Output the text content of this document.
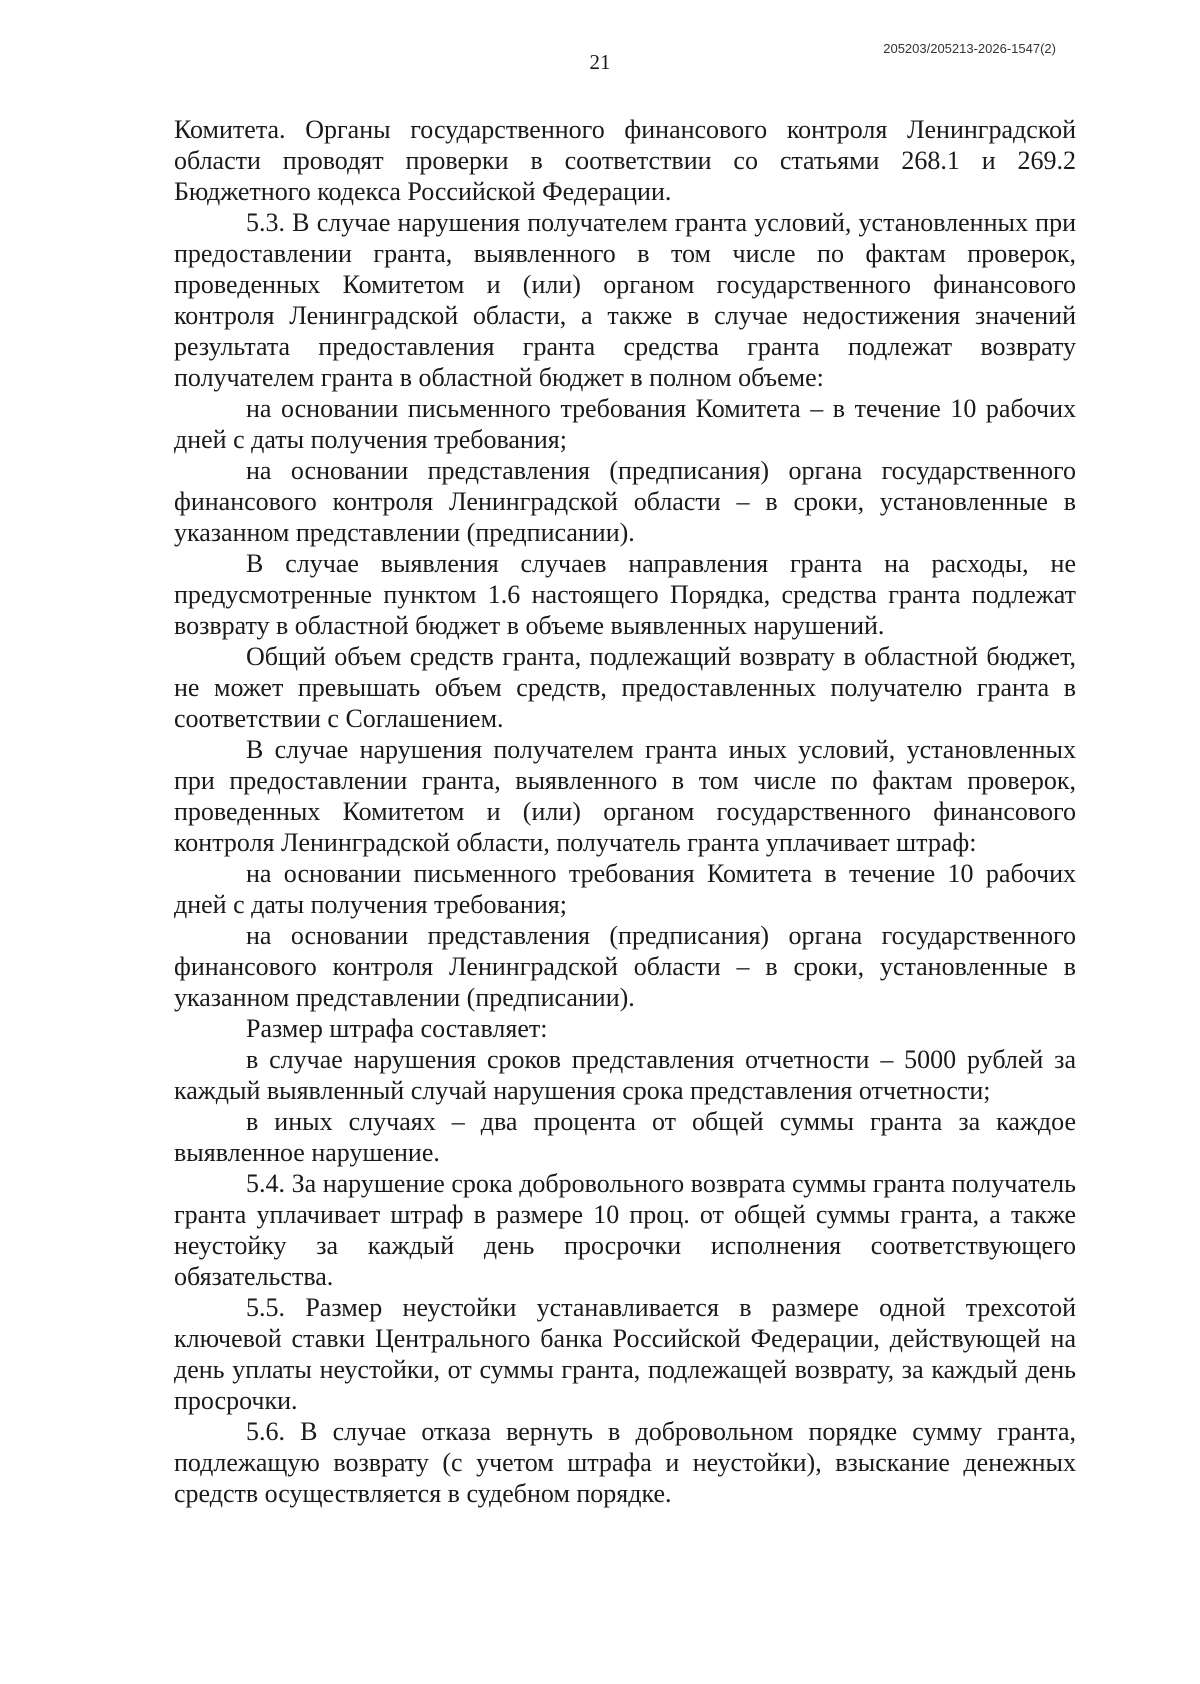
21
205203/205213-2026-1547(2)

Комитета. Органы государственного финансового контроля Ленинградской области проводят проверки в соответствии со статьями 268.1 и 269.2 Бюджетного кодекса Российской Федерации.

5.3. В случае нарушения получателем гранта условий, установленных при предоставлении гранта, выявленного в том числе по фактам проверок, проведенных Комитетом и (или) органом государственного финансового контроля Ленинградской области, а также в случае недостижения значений результата предоставления гранта средства гранта подлежат возврату получателем гранта в областной бюджет в полном объеме:

на основании письменного требования Комитета – в течение 10 рабочих дней с даты получения требования;

на основании представления (предписания) органа государственного финансового контроля Ленинградской области – в сроки, установленные в указанном представлении (предписании).

В случае выявления случаев направления гранта на расходы, не предусмотренные пунктом 1.6 настоящего Порядка, средства гранта подлежат возврату в областной бюджет в объеме выявленных нарушений.

Общий объем средств гранта, подлежащий возврату в областной бюджет, не может превышать объем средств, предоставленных получателю гранта в соответствии с Соглашением.

В случае нарушения получателем гранта иных условий, установленных при предоставлении гранта, выявленного в том числе по фактам проверок, проведенных Комитетом и (или) органом государственного финансового контроля Ленинградской области, получатель гранта уплачивает штраф:

на основании письменного требования Комитета в течение 10 рабочих дней с даты получения требования;

на основании представления (предписания) органа государственного финансового контроля Ленинградской области – в сроки, установленные в указанном представлении (предписании).

Размер штрафа составляет:

в случае нарушения сроков представления отчетности – 5000 рублей за каждый выявленный случай нарушения срока представления отчетности;

в иных случаях – два процента от общей суммы гранта за каждое выявленное нарушение.

5.4. За нарушение срока добровольного возврата суммы гранта получатель гранта уплачивает штраф в размере 10 проц. от общей суммы гранта, а также неустойку за каждый день просрочки исполнения соответствующего обязательства.

5.5. Размер неустойки устанавливается в размере одной трехсотой ключевой ставки Центрального банка Российской Федерации, действующей на день уплаты неустойки, от суммы гранта, подлежащей возврату, за каждый день просрочки.

5.6. В случае отказа вернуть в добровольном порядке сумму гранта, подлежащую возврату (с учетом штрафа и неустойки), взыскание денежных средств осуществляется в судебном порядке.
